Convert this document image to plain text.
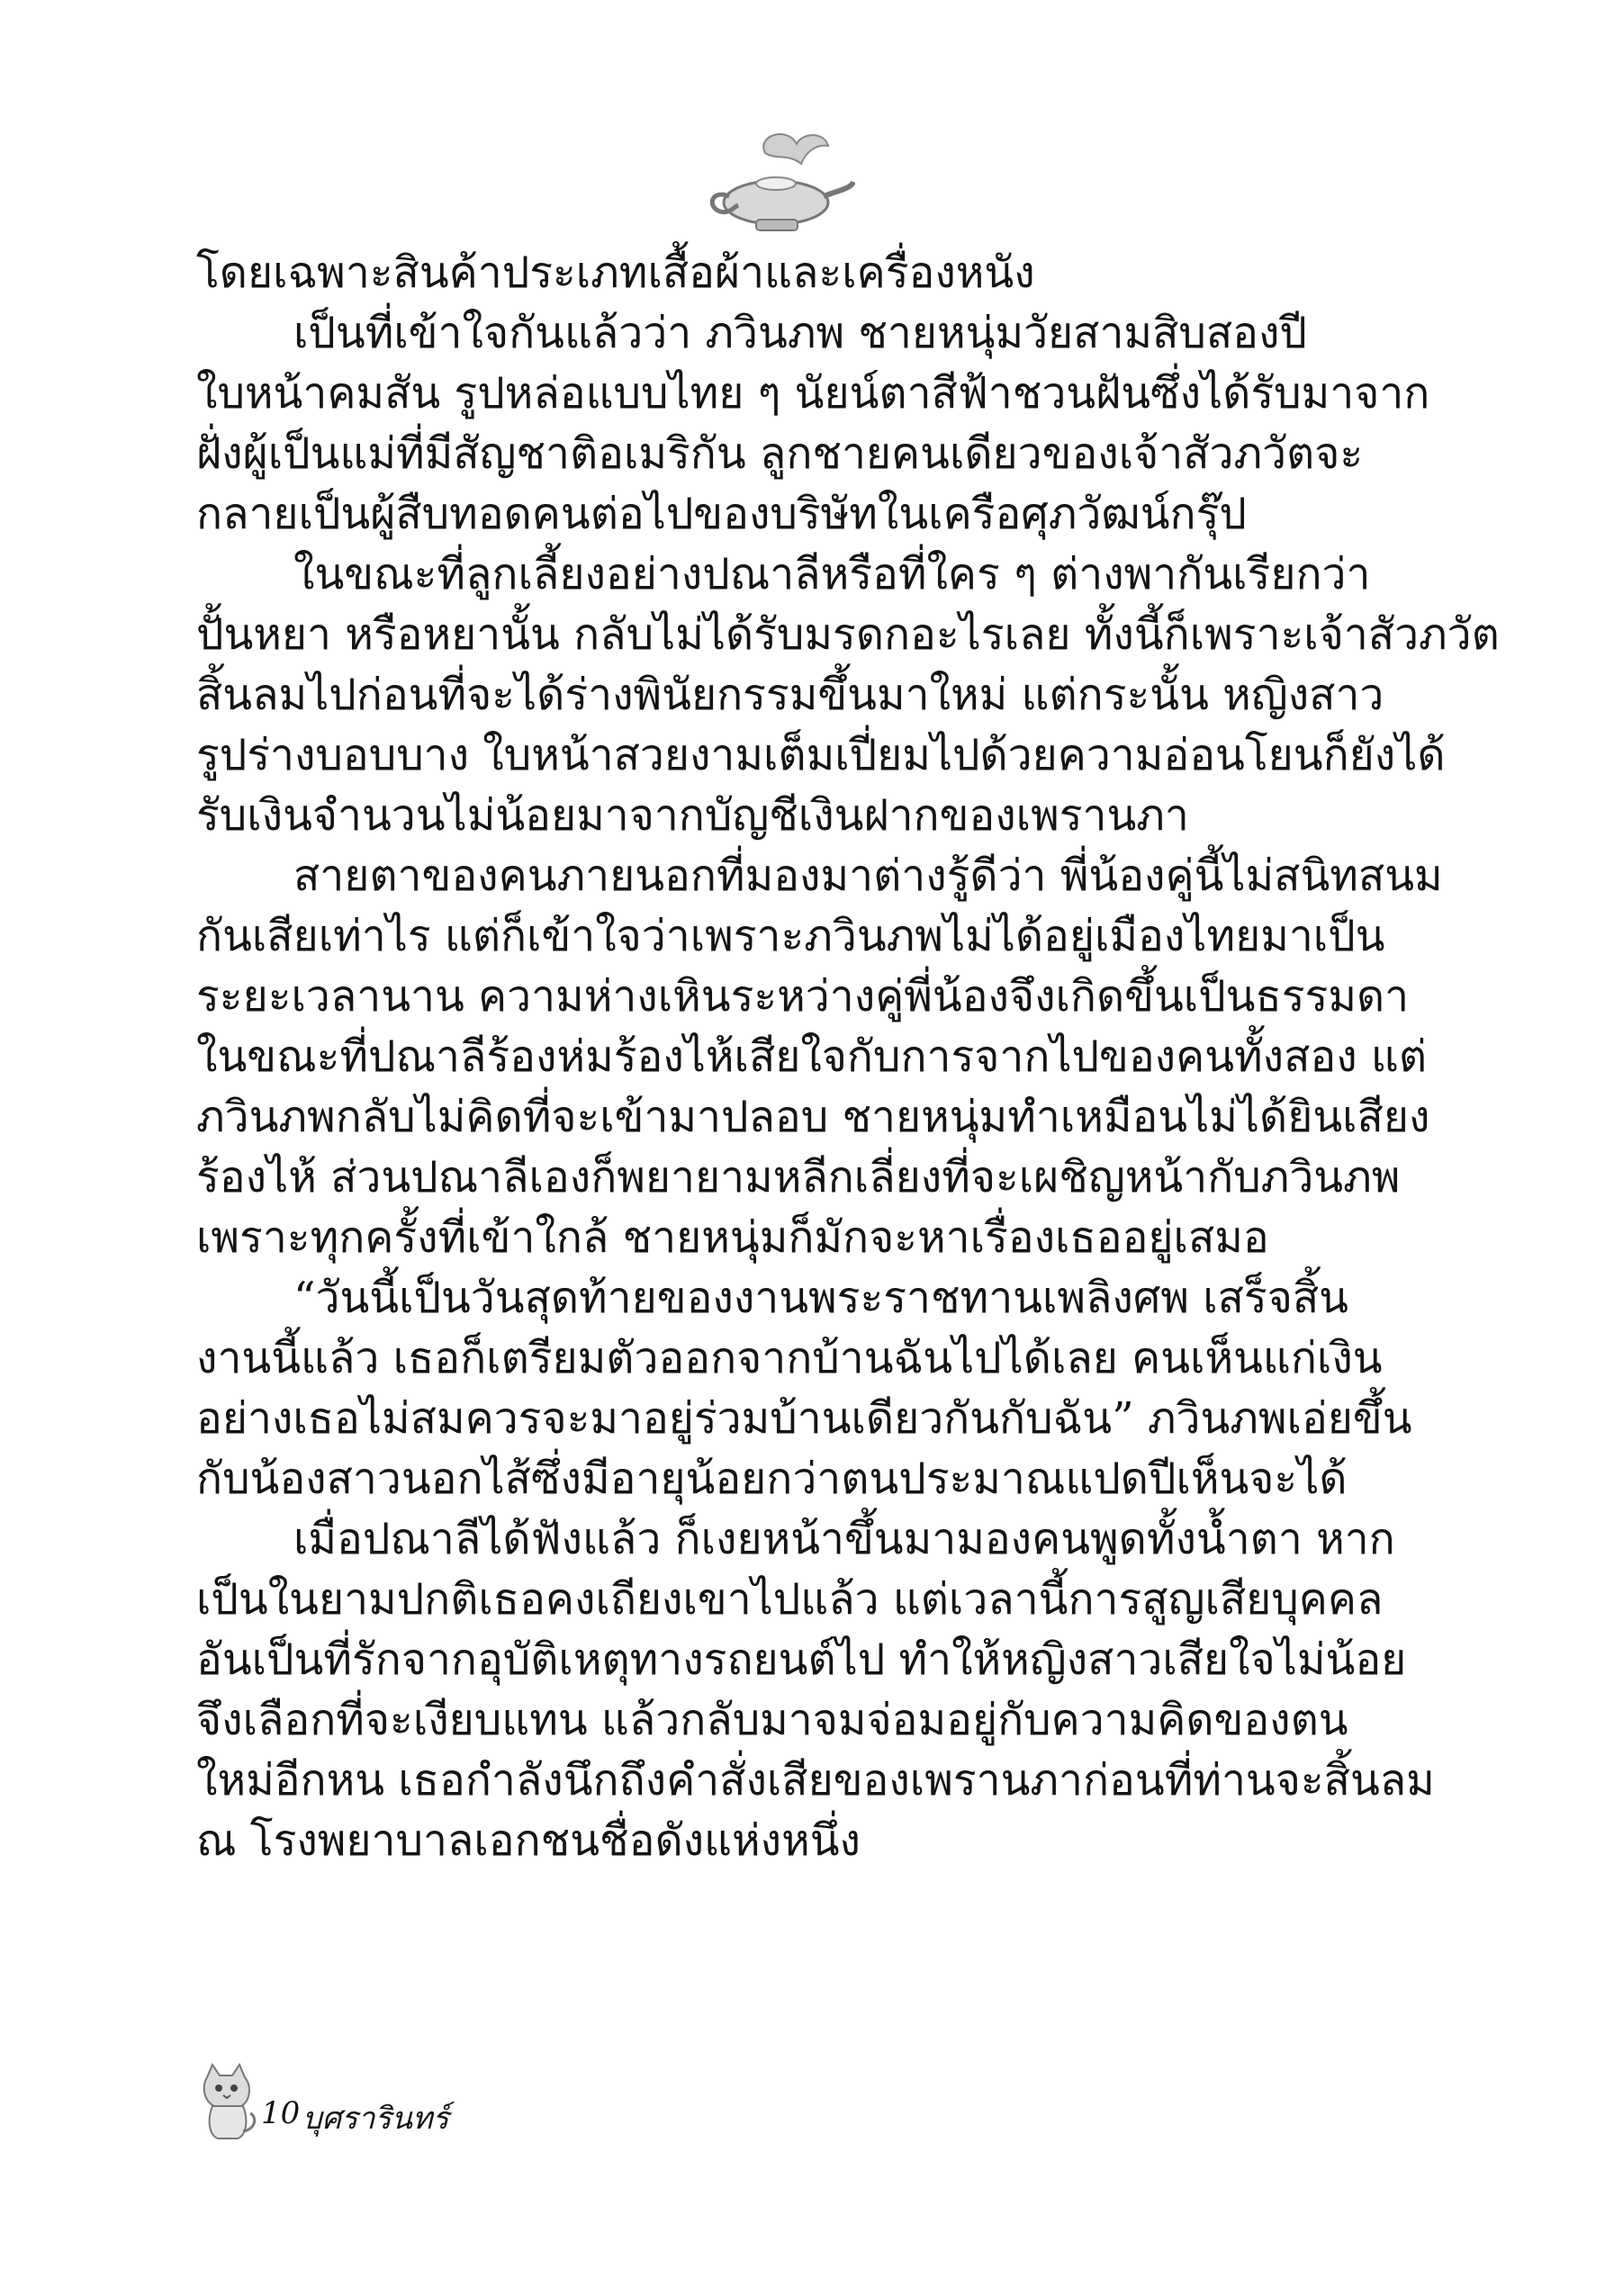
โดยเฉพาะสินค้าประเภทเสื้อผ้าและเครื่องหนัง
เป็นที่เข้าใจกันแล้วว่า ภวินภพ ชายหนุ่มวัยสามสิบสองปี
ใบหน้าคมสัน รูปหล่อแบบไทย ๆ นัยน์ตาสีฟ้าชวนฝันซึ่งได้รับมาจาก
ฝั่งผู้เป็นแม่ที่มีสัญชาติอเมริกัน ลูกชายคนเดียวของเจ้าสัวภวัตจะ
กลายเป็นผู้สืบทอดคนต่อไปของบริษัทในเครือศุภวัฒน์กรุ๊ป
ในขณะที่ลูกเลี้ยงอย่างปณาลีหรือที่ใคร ๆ ต่างพากันเรียกว่า
ปั้นหยา หรือหยานั้น กลับไม่ได้รับมรดกอะไรเลย ทั้งนี้ก็เพราะเจ้าสัวภวัต
สิ้นลมไปก่อนที่จะได้ร่างพินัยกรรมขึ้นมาใหม่ แต่กระนั้น หญิงสาว
รูปร่างบอบบาง ใบหน้าสวยงามเต็มเปี่ยมไปด้วยความอ่อนโยนก็ยังได้
รับเงินจำนวนไม่น้อยมาจากบัญชีเงินฝากของเพรานภา
สายตาของคนภายนอกที่มองมาต่างรู้ดีว่า พี่น้องคู่นี้ไม่สนิทสนม
กันเสียเท่าไร แต่ก็เข้าใจว่าเพราะภวินภพไม่ได้อยู่เมืองไทยมาเป็น
ระยะเวลานาน ความห่างเหินระหว่างคู่พี่น้องจึงเกิดขึ้นเป็นธรรมดา
ในขณะที่ปณาลีร้องห่มร้องไห้เสียใจกับการจากไปของคนทั้งสอง แต่
ภวินภพกลับไม่คิดที่จะเข้ามาปลอบ ชายหนุ่มทำเหมือนไม่ได้ยินเสียง
ร้องไห้ ส่วนปณาลีเองก็พยายามหลีกเลี่ยงที่จะเผชิญหน้ากับภวินภพ
เพราะทุกครั้งที่เข้าใกล้ ชายหนุ่มก็มักจะหาเรื่องเธออยู่เสมอ
“วันนี้เป็นวันสุดท้ายของงานพระราชทานเพลิงศพ เสร็จสิ้น
งานนี้แล้ว เธอก็เตรียมตัวออกจากบ้านฉันไปได้เลย คนเห็นแก่เงิน
อย่างเธอไม่สมควรจะมาอยู่ร่วมบ้านเดียวกันกับฉัน” ภวินภพเอ่ยขึ้น
กับน้องสาวนอกไส้ซึ่งมีอายุน้อยกว่าตนประมาณแปดปีเห็นจะได้
เมื่อปณาลีได้ฟังแล้ว ก็เงยหน้าขึ้นมามองคนพูดทั้งน้ำตา หาก
เป็นในยามปกติเธอคงเถียงเขาไปแล้ว แต่เวลานี้การสูญเสียบุคคล
อันเป็นที่รักจากอุบัติเหตุทางรถยนต์ไป ทำให้หญิงสาวเสียใจไม่น้อย
จึงเลือกที่จะเงียบแทน แล้วกลับมาจมจ่อมอยู่กับความคิดของตน
ใหม่อีกหน เธอกำลังนึกถึงคำสั่งเสียของเพรานภาก่อนที่ท่านจะสิ้นลม
ณ โรงพยาบาลเอกชนชื่อดังแห่งหนึ่ง
10 บุศรารินทร์
